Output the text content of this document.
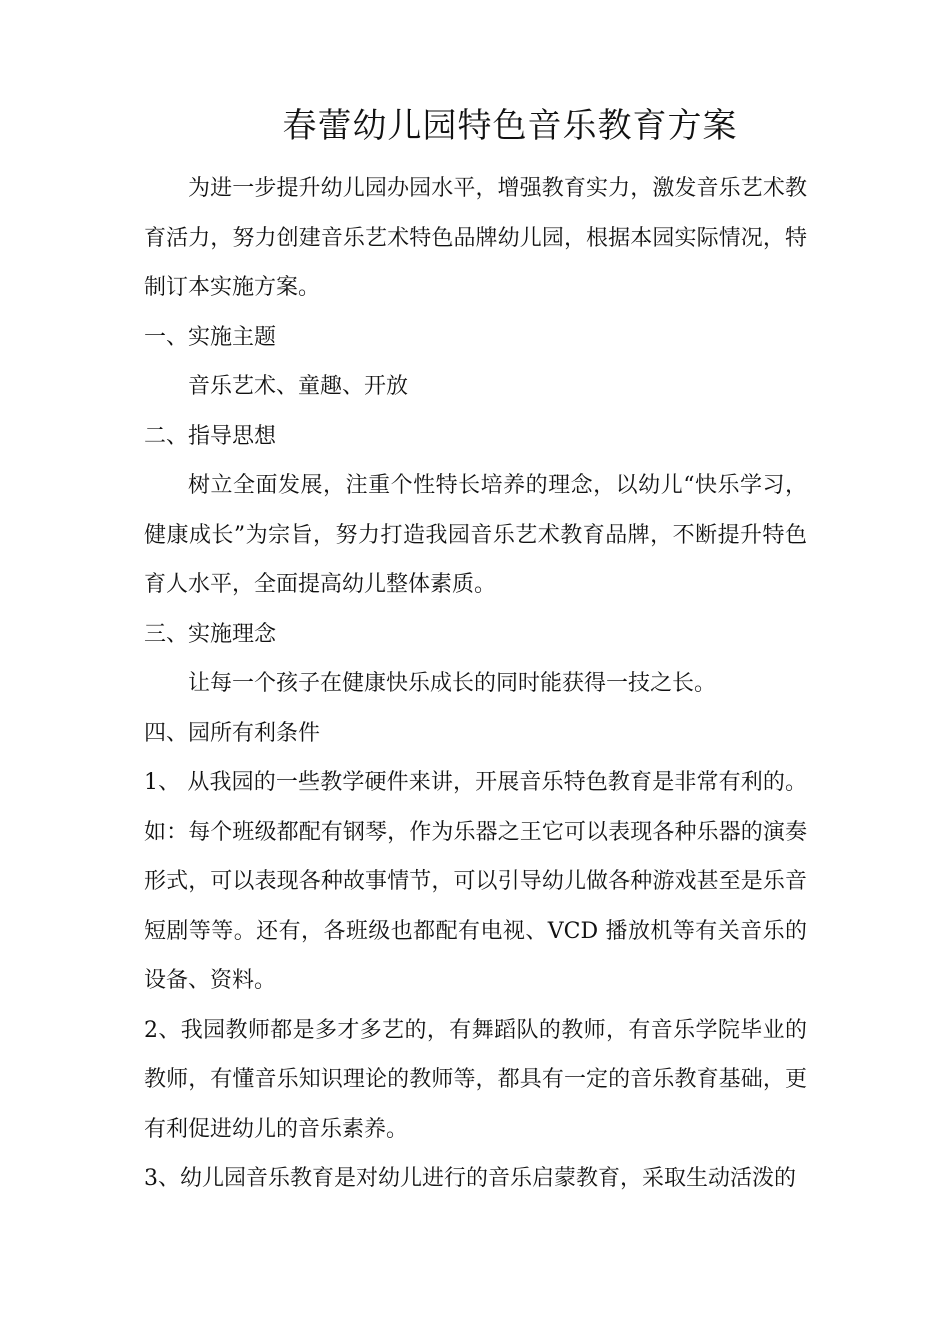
春蕾幼儿园特色音乐教育方案

为进一步提升幼儿园办园水平，增强教育实力，激发音乐艺术教育活力，努力创建音乐艺术特色品牌幼儿园，根据本园实际情况，特制订本实施方案。

一、实施主题

音乐艺术、童趣、开放

二、指导思想

树立全面发展，注重个性特长培养的理念，以幼儿“快乐学习，健康成长”为宗旨，努力打造我园音乐艺术教育品牌，不断提升特色育人水平，全面提高幼儿整体素质。

三、实施理念

让每一个孩子在健康快乐成长的同时能获得一技之长。

四、园所有利条件

1、 从我园的一些教学硬件来讲，开展音乐特色教育是非常有利的。如：每个班级都配有钢琴，作为乐器之王它可以表现各种乐器的演奏形式，可以表现各种故事情节，可以引导幼儿做各种游戏甚至是乐音短剧等等。还有，各班级也都配有电视、VCD 播放机等有关音乐的设备、资料。

2、我园教师都是多才多艺的，有舞蹈队的教师，有音乐学院毕业的教师，有懂音乐知识理论的教师等，都具有一定的音乐教育基础，更有利促进幼儿的音乐素养。

3、幼儿园音乐教育是对幼儿进行的音乐启蒙教育，采取生动活泼的
